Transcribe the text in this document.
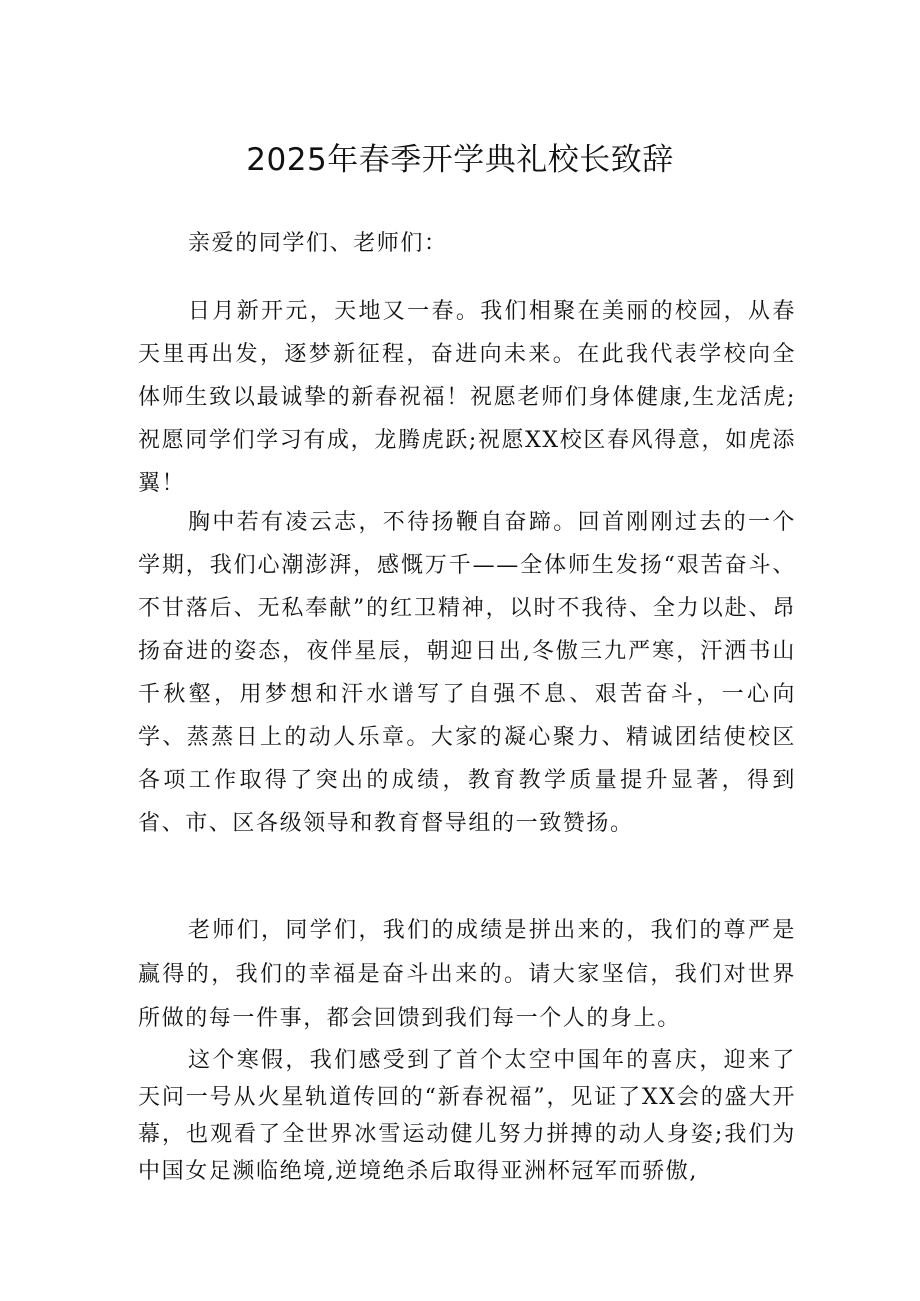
2025年春季开学典礼校长致辞

亲爱的同学们、老师们：

日月新开元，天地又一春。我们相聚在美丽的校园，从春天里再出发，逐梦新征程，奋进向未来。在此我代表学校向全体师生致以最诚挚的新春祝福！祝愿老师们身体健康,生龙活虎;祝愿同学们学习有成，龙腾虎跃;祝愿XX校区春风得意，如虎添翼！

胸中若有凌云志，不待扬鞭自奋蹄。回首刚刚过去的一个学期，我们心潮澎湃，感慨万千——全体师生发扬“艰苦奋斗、不甘落后、无私奉献”的红卫精神，以时不我待、全力以赴、昂扬奋进的姿态，夜伴星辰，朝迎日出,冬傲三九严寒，汗洒书山千秋壑，用梦想和汗水谱写了自强不息、艰苦奋斗，一心向学、蒸蒸日上的动人乐章。大家的凝心聚力、精诚团结使校区各项工作取得了突出的成绩，教育教学质量提升显著，得到省、市、区各级领导和教育督导组的一致赞扬。

老师们，同学们，我们的成绩是拼出来的，我们的尊严是赢得的，我们的幸福是奋斗出来的。请大家坚信，我们对世界所做的每一件事，都会回馈到我们每一个人的身上。

这个寒假，我们感受到了首个太空中国年的喜庆，迎来了天问一号从火星轨道传回的“新春祝福”，见证了XX会的盛大开幕，也观看了全世界冰雪运动健儿努力拼搏的动人身姿;我们为中国女足濒临绝境,逆境绝杀后取得亚洲杯冠军而骄傲,
